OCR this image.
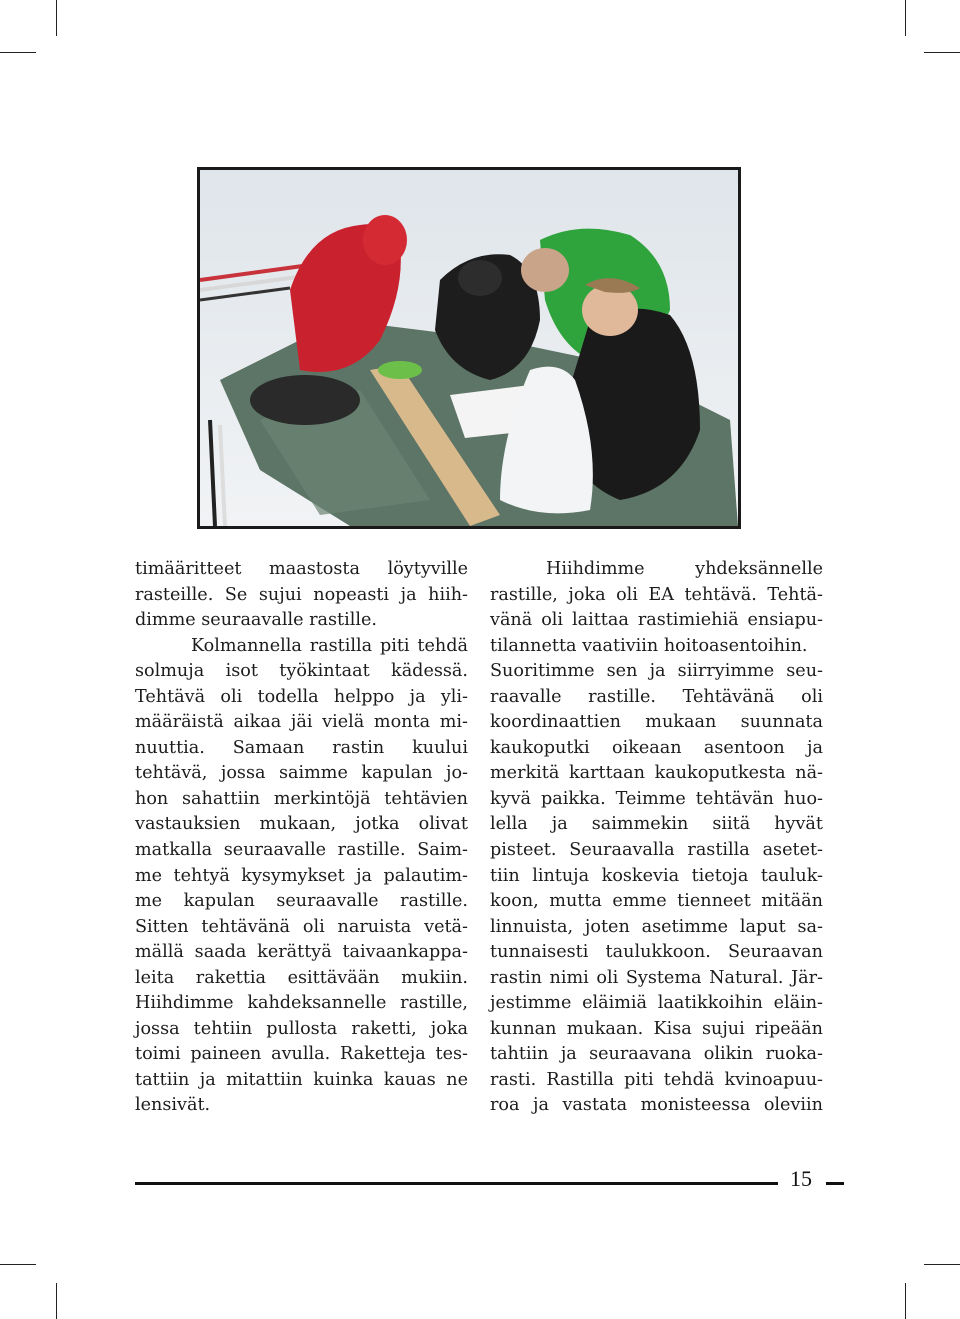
timääritteet maastosta löytyville

rasteille. Se sujui nopeasti ja hiih-

dimme seuraavalle rastille.

Kolmannella rastilla piti tehdä

solmuja isot työkintaat kädessä.

Tehtävä oli todella helppo ja yli-

määräistä aikaa jäi vielä monta mi-

nuuttia. Samaan rastin kuului

tehtävä, jossa saimme kapulan jo-

hon sahattiin merkintöjä tehtävien

vastauksien mukaan, jotka olivat

matkalla seuraavalle rastille. Saim-

me tehtyä kysymykset ja palautim-

me kapulan seuraavalle rastille.

Sitten tehtävänä oli naruista vetä-

mällä saada kerättyä taivaankappa-

leita rakettia esittävään mukiin.

Hiihdimme kahdeksannelle rastille,

jossa tehtiin pullosta raketti, joka

toimi paineen avulla. Raketteja tes-

tattiin ja mitattiin kuinka kauas ne

lensivät.

Hiihdimme yhdeksännelle

rastille, joka oli EA tehtävä. Tehtä-

vänä oli laittaa rastimiehiä ensiapu-

tilannetta vaativiin hoitoasentoihin.

Suoritimme sen ja siirryimme seu-

raavalle rastille. Tehtävänä oli

koordinaattien mukaan suunnata

kaukoputki oikeaan asentoon ja

merkitä karttaan kaukoputkesta nä-

kyvä paikka. Teimme tehtävän huo-

lella ja saimmekin siitä hyvät

pisteet. Seuraavalla rastilla asetet-

tiin lintuja koskevia tietoja tauluk-

koon, mutta emme tienneet mitään

linnuista, joten asetimme laput sa-

tunnaisesti taulukkoon. Seuraavan

rastin nimi oli Systema Natural. Jär-

jestimme eläimiä laatikkoihin eläin-

kunnan mukaan. Kisa sujui ripeään

tahtiin ja seuraavana olikin ruoka-

rasti. Rastilla piti tehdä kvinoapuu-

roa ja vastata monisteessa oleviin

15
